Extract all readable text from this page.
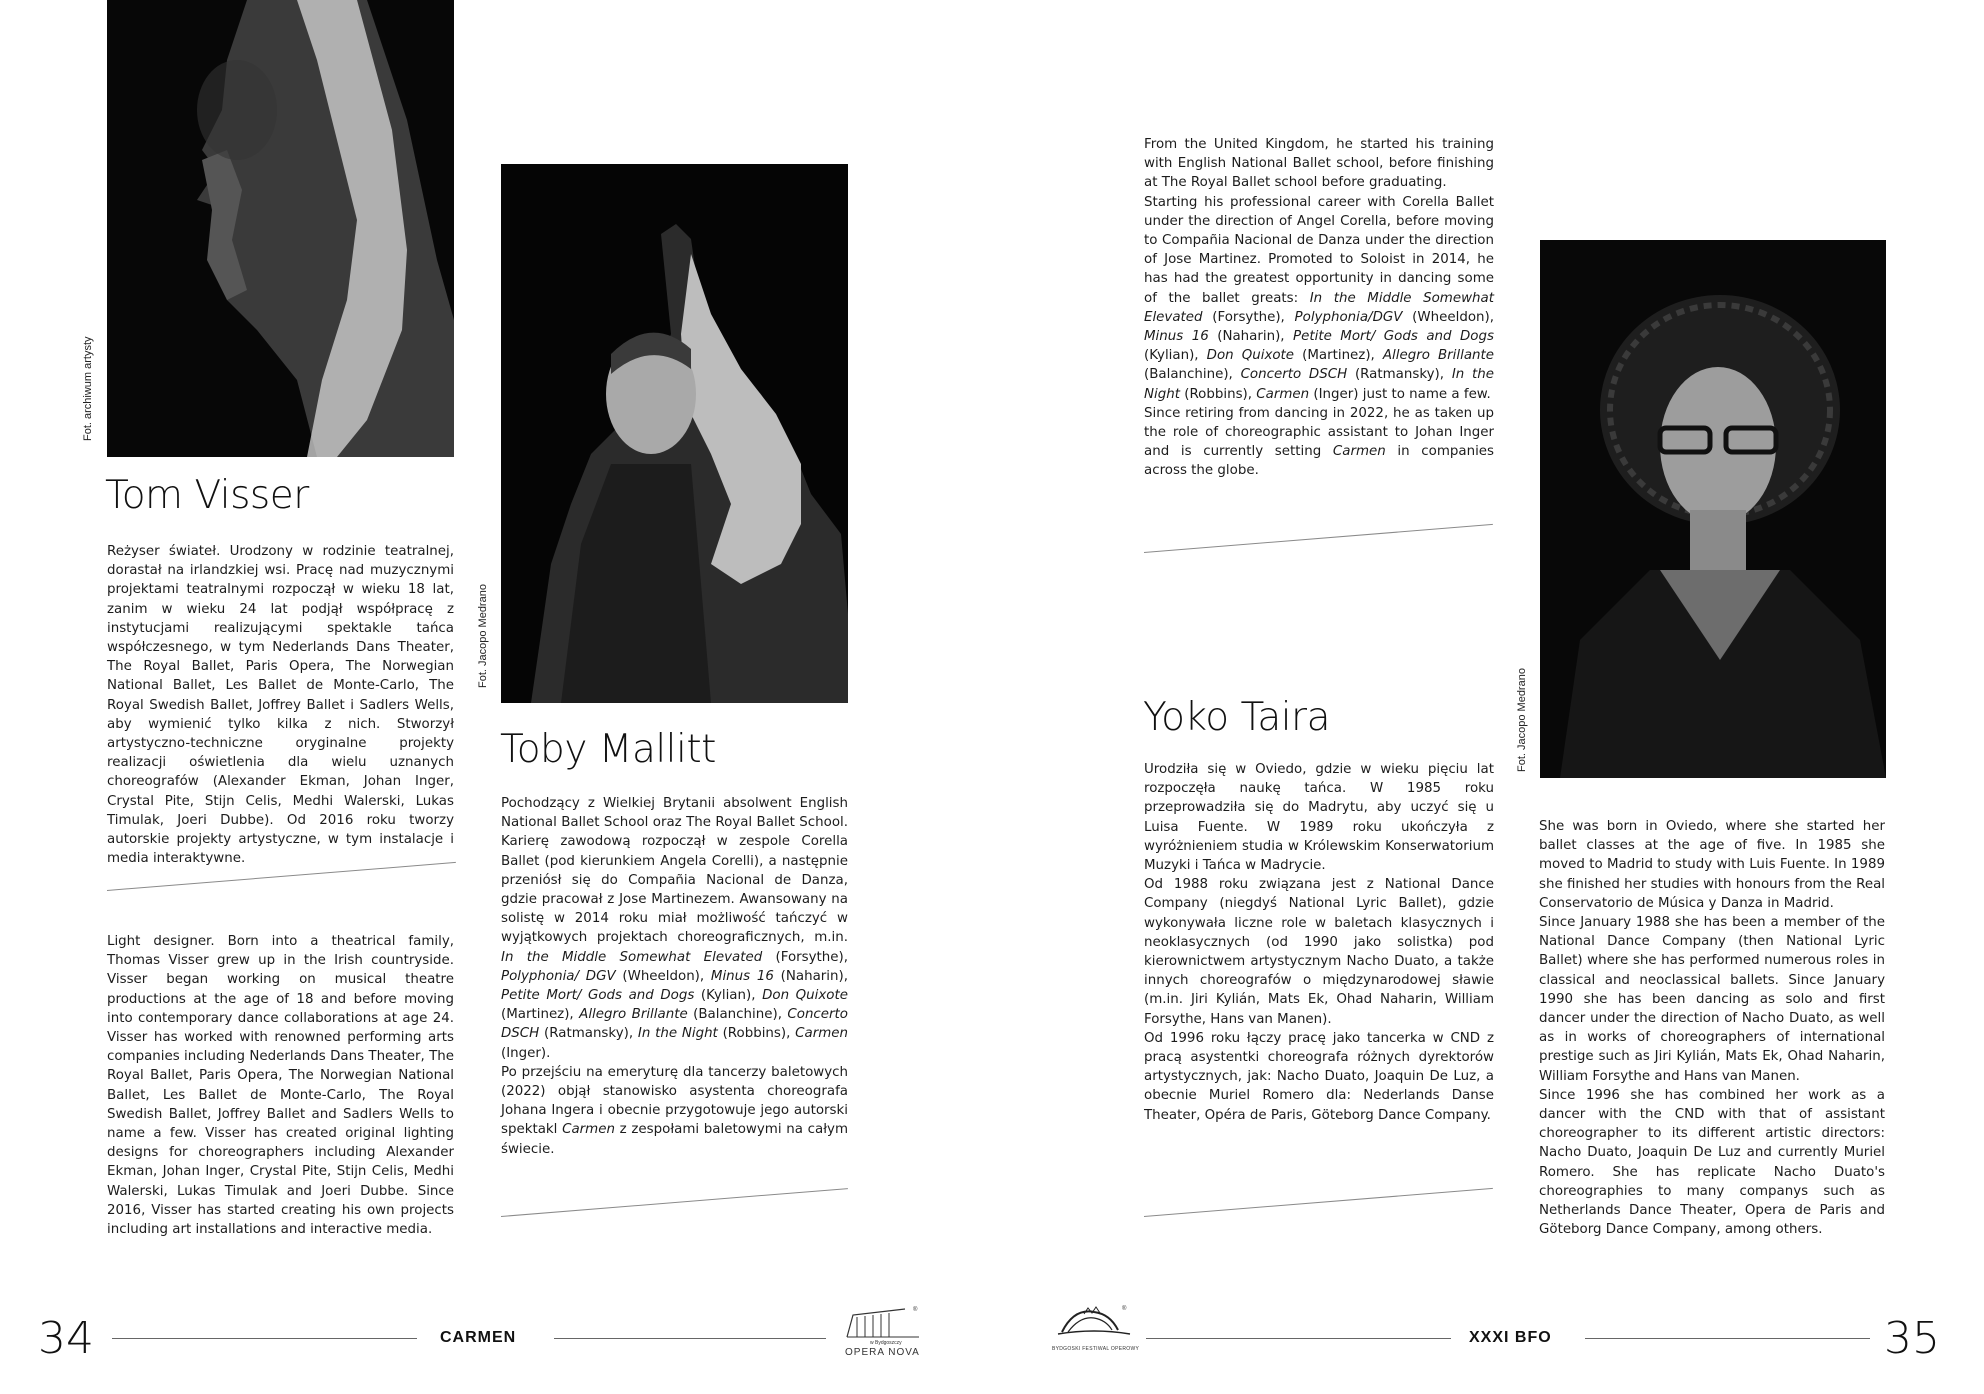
Fot. archiwum artysty
Tom Visser

Reżyser świateł. Urodzony w rodzinie teatralnej, dorastał na irlandzkiej wsi. Pracę nad muzycznymi projektami teatralnymi rozpoczął w wieku 18 lat, zanim w wieku 24 lat podjął współpracę z instytucjami realizującymi spektakle tańca współczesnego, w tym Nederlands Dans Theater, The Royal Ballet, Paris Opera, The Norwegian National Ballet, Les Ballet de Monte-Carlo, The Royal Swedish Ballet, Joffrey Ballet i Sadlers Wells, aby wymienić tylko kilka z nich. Stworzył artystyczno-techniczne oryginalne projekty realizacji oświetlenia dla wielu uznanych choreografów (Alexander Ekman, Johan Inger, Crystal Pite, Stijn Celis, Medhi Walerski, Lukas Timulak, Joeri Dubbe). Od 2016 roku tworzy autorskie projekty artystyczne, w tym instalacje i media interaktywne.

Light designer. Born into a theatrical family, Thomas Visser grew up in the Irish countryside. Visser began working on musical theatre productions at the age of 18 and before moving into contemporary dance collaborations at age 24. Visser has worked with renowned performing arts companies including Nederlands Dans Theater, The Royal Ballet, Paris Opera, The Norwegian National Ballet, Les Ballet de Monte-Carlo, The Royal Swedish Ballet, Joffrey Ballet and Sadlers Wells to name a few. Visser has created original lighting designs for choreographers including Alexander Ekman, Johan Inger, Crystal Pite, Stijn Celis, Medhi Walerski, Lukas Timulak and Joeri Dubbe. Since 2016, Visser has started creating his own projects including art installations and interactive media.

Fot. Jacopo Medrano
Toby Mallitt

Pochodzący z Wielkiej Brytanii absolwent English National Ballet School oraz The Royal Ballet School. Karierę zawodową rozpoczął w zespole Corella Ballet (pod kierunkiem Angela Corelli), a następnie przeniósł się do Compañia Nacional de Danza, gdzie pracował z Jose Martinezem. Awansowany na solistę w 2014 roku miał możliwość tańczyć w wyjątkowych projektach choreograficznych, m.in. In the Middle Somewhat Elevated (Forsythe), Polyphonia/ DGV (Wheeldon), Minus 16 (Naharin), Petite Mort/ Gods and Dogs (Kylian), Don Quixote (Martinez), Allegro Brillante (Balanchine), Concerto DSCH (Ratmansky), In the Night (Robbins), Carmen (Inger).

Po przejściu na emeryturę dla tancerzy baletowych (2022) objął stanowisko asystenta choreografa Johana Ingera i obecnie przygotowuje jego autorski spektakl Carmen z zespołami baletowymi na całym świecie.

34	CARMEN
®
w Bydgoszczy
OPERA NOVA

From the United Kingdom, he started his training with English National Ballet school, before finishing at The Royal Ballet school before graduating.

Starting his professional career with Corella Ballet under the direction of Angel Corella, before moving to Compañia Nacional de Danza under the direction of Jose Martinez. Promoted to Soloist in 2014, he has had the greatest opportunity in dancing some of the ballet greats: In the Middle Somewhat Elevated (Forsythe), Polyphonia/DGV (Wheeldon), Minus 16 (Naharin), Petite Mort/ Gods and Dogs (Kylian), Don Quixote (Martinez), Allegro Brillante (Balanchine), Concerto DSCH (Ratmansky), In the Night (Robbins), Carmen (Inger) just to name a few.

Since retiring from dancing in 2022, he as taken up the role of choreographic assistant to Johan Inger and is currently setting Carmen in companies across the globe.

Fot. Jacopo Medrano
Yoko Taira

Urodziła się w Oviedo, gdzie w wieku pięciu lat rozpoczęła naukę tańca. W 1985 roku przeprowadziła się do Madrytu, aby uczyć się u Luisa Fuente. W 1989 roku ukończyła z wyróżnieniem studia w Królewskim Konserwatorium Muzyki i Tańca w Madrycie.

Od 1988 roku związana jest z National Dance Company (niegdyś National Lyric Ballet), gdzie wykonywała liczne role w baletach klasycznych i neoklasycznych (od 1990 jako solistka) pod kierownictwem artystycznym Nacho Duato, a także innych choreografów o międzynarodowej sławie (m.in. Jiri Kylián, Mats Ek, Ohad Naharin, William Forsythe, Hans van Manen).

Od 1996 roku łączy pracę jako tancerka w CND z pracą asystentki choreografa różnych dyrektorów artystycznych, jak: Nacho Duato, Joaquin De Luz, a obecnie Muriel Romero dla: Nederlands Danse Theater, Opéra de Paris, Göteborg Dance Company.

She was born in Oviedo, where she started her ballet classes at the age of five. In 1985 she moved to Madrid to study with Luis Fuente. In 1989 she finished her studies with honours from the Real Conservatorio de Música y Danza in Madrid.

Since January 1988 she has been a member of the National Dance Company (then National Lyric Ballet) where she has performed numerous roles in classical and neoclassical ballets. Since January 1990 she has been dancing as solo and first dancer under the direction of Nacho Duato, as well as in works of choreographers of international prestige such as Jiri Kylián, Mats Ek, Ohad Naharin, William Forsythe and Hans van Manen.

Since 1996 she has combined her work as a dancer with the CND with that of assistant choreographer to its different artistic directors: Nacho Duato, Joaquin De Luz and currently Muriel Romero. She has replicate Nacho Duato's choreographies to many companys such as Netherlands Dance Theater, Opera de Paris and Göteborg Dance Company, among others.

®
BYDGOSKI FESTIWAL OPEROWY
XXXI BFO	35
